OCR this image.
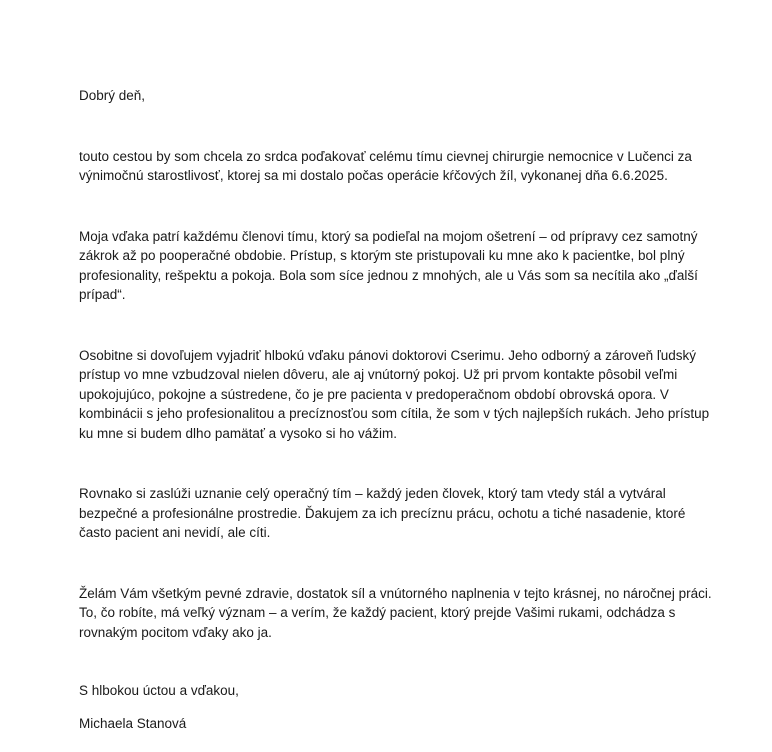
Dobrý deň,

touto cestou by som chcela zo srdca poďakovať celému tímu cievnej chirurgie nemocnice v Lučenci za výnimočnú starostlivosť, ktorej sa mi dostalo počas operácie kŕčových žíl, vykonanej dňa 6.6.2025.

Moja vďaka patrí každému členovi tímu, ktorý sa podieľal na mojom ošetrení – od prípravy cez samotný zákrok až po pooperačné obdobie. Prístup, s ktorým ste pristupovali ku mne ako k pacientke, bol plný profesionality, rešpektu a pokoja. Bola som síce jednou z mnohých, ale u Vás som sa necítila ako „ďalší prípad“.

Osobitne si dovoľujem vyjadriť hlbokú vďaku pánovi doktorovi Cserimu. Jeho odborný a zároveň ľudský prístup vo mne vzbudzoval nielen dôveru, ale aj vnútorný pokoj. Už pri prvom kontakte pôsobil veľmi upokojujúco, pokojne a sústredene, čo je pre pacienta v predoperačnom období obrovská opora. V kombinácii s jeho profesionalitou a precíznosťou som cítila, že som v tých najlepších rukách. Jeho prístup ku mne si budem dlho pamätať a vysoko si ho vážim.

Rovnako si zaslúži uznanie celý operačný tím – každý jeden človek, ktorý tam vtedy stál a vytváral bezpečné a profesionálne prostredie. Ďakujem za ich precíznu prácu, ochotu a tiché nasadenie, ktoré často pacient ani nevidí, ale cíti.

Želám Vám všetkým pevné zdravie, dostatok síl a vnútorného naplnenia v tejto krásnej, no náročnej práci. To, čo robíte, má veľký význam – a verím, že každý pacient, ktorý prejde Vašimi rukami, odchádza s rovnakým pocitom vďaky ako ja.

S hlbokou úctou a vďakou,

Michaela Stanová
